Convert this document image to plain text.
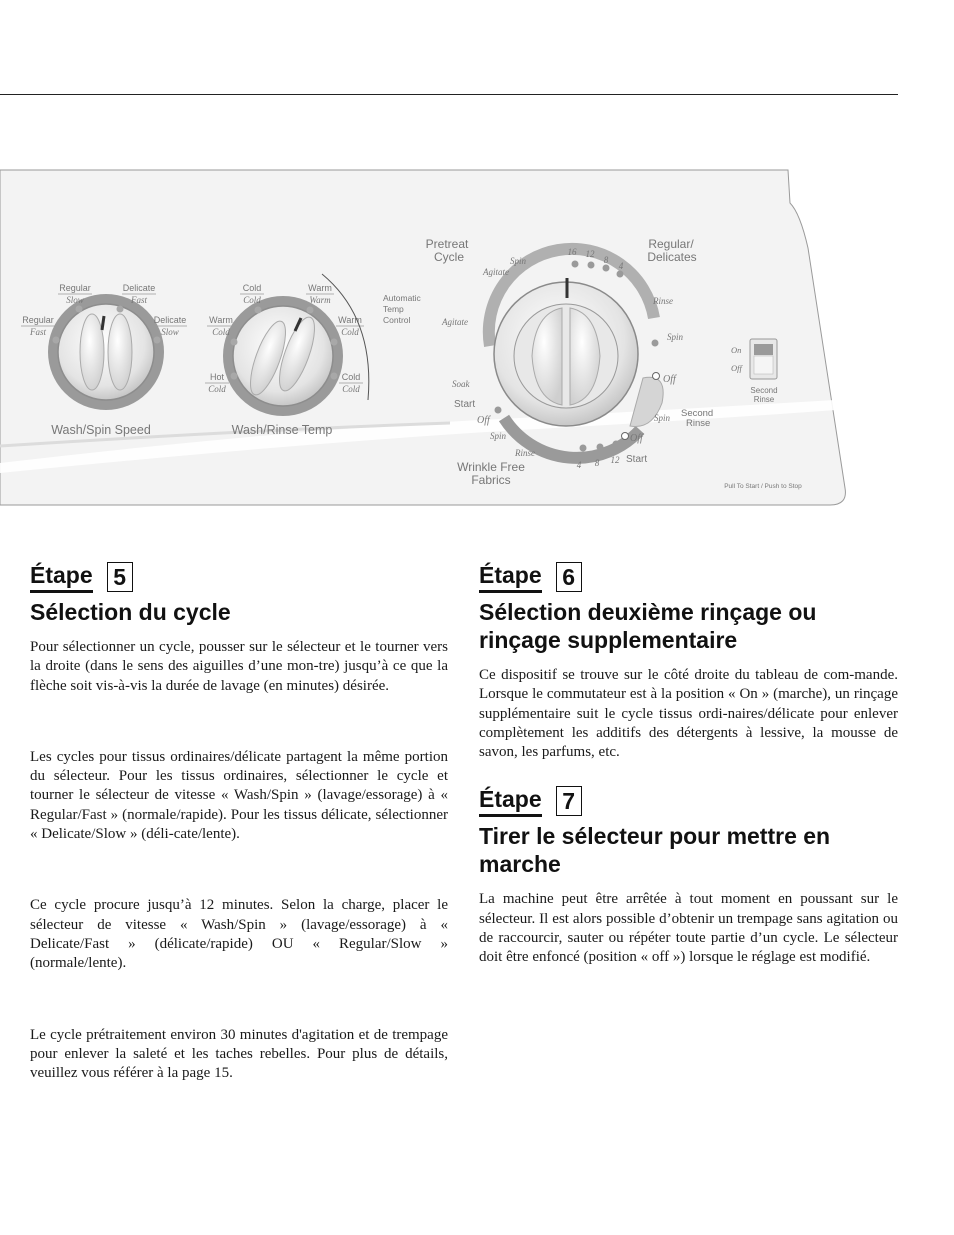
Regular
Slow
Delicate
Fast
Regular
Fast
Delicate
Slow
Wash/Spin Speed
Cold
Cold
Warm
Warm
Warm
Cold
Warm
Cold
Hot
Cold
Cold
Cold
Automatic
Temp
Control
Wash/Rinse Temp
Pretreat
Cycle
Regular/
Delicates
Spin
Agitate
Agitate
Soak
Start
Off
Spin
Rinse
Wrinkle Free
Fabrics
16 12
8
4
Rinse
Spin
Off
Spin Second
Rinse
Off
4 8 12 Start
On
Off
Second
Rinse
Pull To Start / Push to Stop
Étape 5
Sélection du cycle

Pour sélectionner un cycle, pousser sur le sélecteur et le tourner vers la droite (dans le sens des aiguilles d’une mon-tre) jusqu’à ce que la flèche soit vis-à-vis la durée de lavage (en minutes) désirée.

Les cycles pour tissus ordinaires/délicate partagent la même portion du sélecteur. Pour les tissus ordinaires, sélectionner le cycle et tourner le sélecteur de vitesse « Wash/Spin » (lavage/essorage) à « Regular/Fast » (normale/rapide). Pour les tissus délicate, sélectionner « Delicate/Slow » (déli-cate/lente).

Ce cycle procure jusqu’à 12 minutes. Selon la charge, placer le sélecteur de vitesse « Wash/Spin » (lavage/essorage) à « Delicate/Fast » (délicate/rapide) OU « Regular/Slow » (normale/lente).

Le cycle prétraitement environ 30 minutes d'agitation et de trempage pour enlever la saleté et les taches rebelles. Pour plus de détails, veuillez vous référer à la page 15.

Étape 6
Sélection deuxième rinçage ou rinçage supplementaire

Ce dispositif se trouve sur le côté droite du tableau de com-mande. Lorsque le commutateur est à la position « On » (marche), un rinçage supplémentaire suit le cycle tissus ordi-naires/délicate pour enlever complètement les additifs des détergents à lessive, la mousse de savon, les parfums, etc.

Étape 7
Tirer le sélecteur pour mettre en marche

La machine peut être arrêtée à tout moment en poussant sur le sélecteur. Il est alors possible d’obtenir un trempage sans agitation ou de raccourcir, sauter ou répéter toute partie d’un cycle. Le sélecteur doit être enfoncé (position « off ») lorsque le réglage est modifié.
